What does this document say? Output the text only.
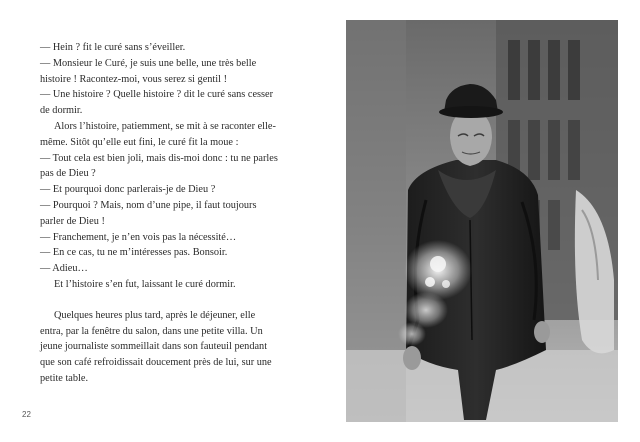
— Hein ? fit le curé sans s’éveiller.

— Monsieur le Curé, je suis une belle, une très belle histoire ! Racontez-moi, vous serez si gentil !

— Une histoire ? Quelle histoire ? dit le curé sans cesser de dormir.

Alors l’histoire, patiemment, se mit à se raconter elle-même. Sitôt qu’elle eut fini, le curé fit la moue :

— Tout cela est bien joli, mais dis-moi donc : tu ne parles pas de Dieu ?

— Et pourquoi donc parlerais-je de Dieu ?

— Pourquoi ? Mais, nom d’une pipe, il faut toujours parler de Dieu !

— Franchement, je n’en vois pas la nécessité…

— En ce cas, tu ne m’intéresses pas. Bonsoir.

— Adieu…

Et l’histoire s’en fut, laissant le curé dormir.

Quelques heures plus tard, après le déjeuner, elle entra, par la fenêtre du salon, dans une petite villa. Un jeune journaliste sommeillait dans son fauteuil pendant que son café refroidissait doucement près de lui, sur une petite table.

22
